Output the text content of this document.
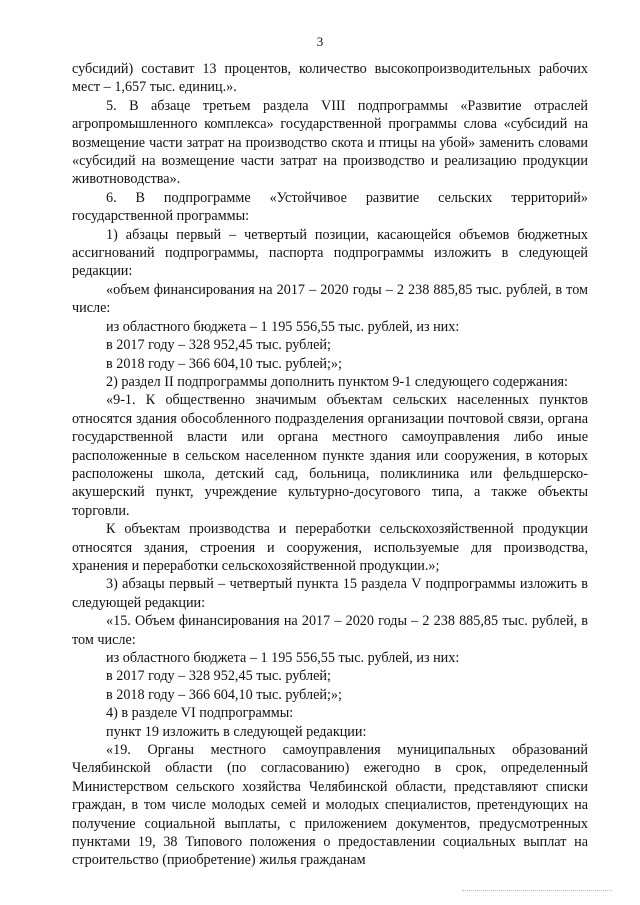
3

субсидий) составит 13 процентов, количество высокопроизводительных рабочих мест – 1,657 тыс. единиц.».

5. В абзаце третьем раздела VIII подпрограммы «Развитие отраслей агропромышленного комплекса» государственной программы слова «субсидий на возмещение части затрат на производство скота и птицы на убой» заменить словами «субсидий на возмещение части затрат на производство и реализацию продукции животноводства».

6. В подпрограмме «Устойчивое развитие сельских территорий» государственной программы:

1) абзацы первый – четвертый позиции, касающейся объемов бюджетных ассигнований подпрограммы, паспорта подпрограммы изложить в следующей редакции:

«объем финансирования на 2017 – 2020 годы – 2 238 885,85 тыс. рублей, в том числе:

из областного бюджета – 1 195 556,55 тыс. рублей, из них:

в 2017 году – 328 952,45 тыс. рублей;

в 2018 году – 366 604,10 тыс. рублей;»;

2) раздел II подпрограммы дополнить пунктом 9-1 следующего содержания:

«9-1. К общественно значимым объектам сельских населенных пунктов относятся здания обособленного подразделения организации почтовой связи, органа государственной власти или органа местного самоуправления либо иные расположенные в сельском населенном пункте здания или сооружения, в которых расположены школа, детский сад, больница, поликлиника или фельдшерско-акушерский пункт, учреждение культурно-досугового типа, а также объекты торговли.

К объектам производства и переработки сельскохозяйственной продукции относятся здания, строения и сооружения, используемые для производства, хранения и переработки сельскохозяйственной продукции.»;

3) абзацы первый – четвертый пункта 15 раздела V подпрограммы изложить в следующей редакции:

«15. Объем финансирования на 2017 – 2020 годы – 2 238 885,85 тыс. рублей, в том числе:

из областного бюджета – 1 195 556,55 тыс. рублей, из них:

в 2017 году – 328 952,45 тыс. рублей;

в 2018 году – 366 604,10 тыс. рублей;»;

4) в разделе VI подпрограммы:

пункт 19 изложить в следующей редакции:

«19. Органы местного самоуправления муниципальных образований Челябинской области (по согласованию) ежегодно в срок, определенный Министерством сельского хозяйства Челябинской области, представляют списки граждан, в том числе молодых семей и молодых специалистов, претендующих на получение социальной выплаты, с приложением документов, предусмотренных пунктами 19, 38 Типового положения о предоставлении социальных выплат на строительство (приобретение) жилья гражданам
